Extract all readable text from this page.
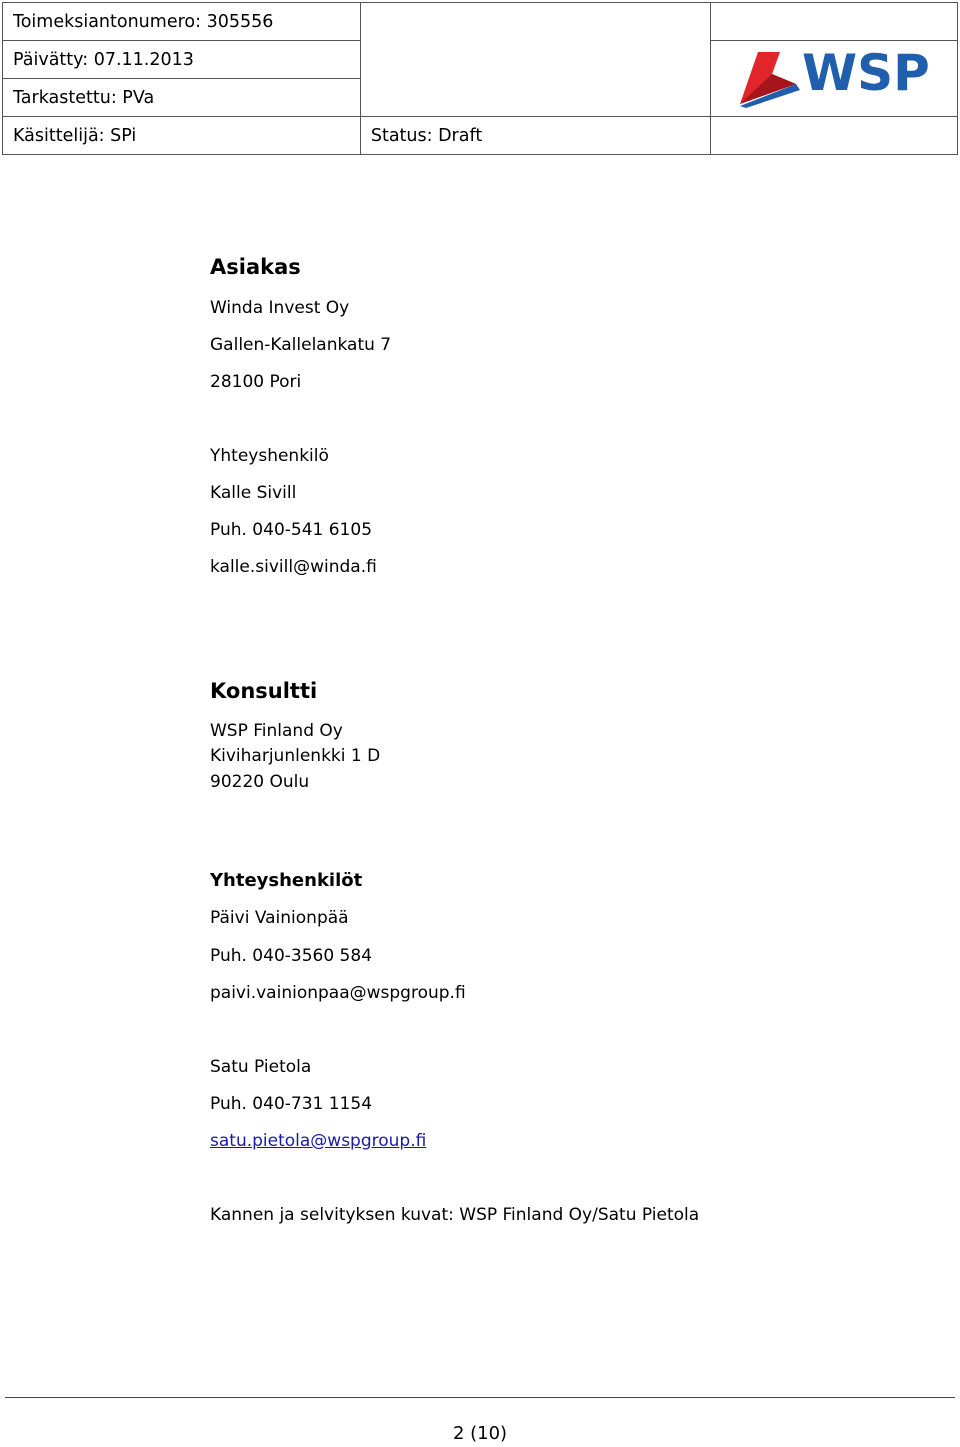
Toimeksiantonumero: 305556		
Päivätty: 07.11.2013		WSP

Tarkastettu: PVa		
Käsittelijä: SPi	Status: Draft	
Asiakas
Winda Invest Oy
Gallen-Kallelankatu 7
28100 Pori
Yhteyshenkilö
Kalle Sivill
Puh. 040-541 6105
kalle.sivill@winda.fi
Konsultti
WSP Finland Oy
Kiviharjunlenkki 1 D
90220 Oulu
Yhteyshenkilöt
Päivi Vainionpää
Puh. 040-3560 584
paivi.vainionpaa@wspgroup.fi
Satu Pietola
Puh. 040-731 1154
satu.pietola@wspgroup.fi
Kannen ja selvityksen kuvat: WSP Finland Oy/Satu Pietola
2 (10)
